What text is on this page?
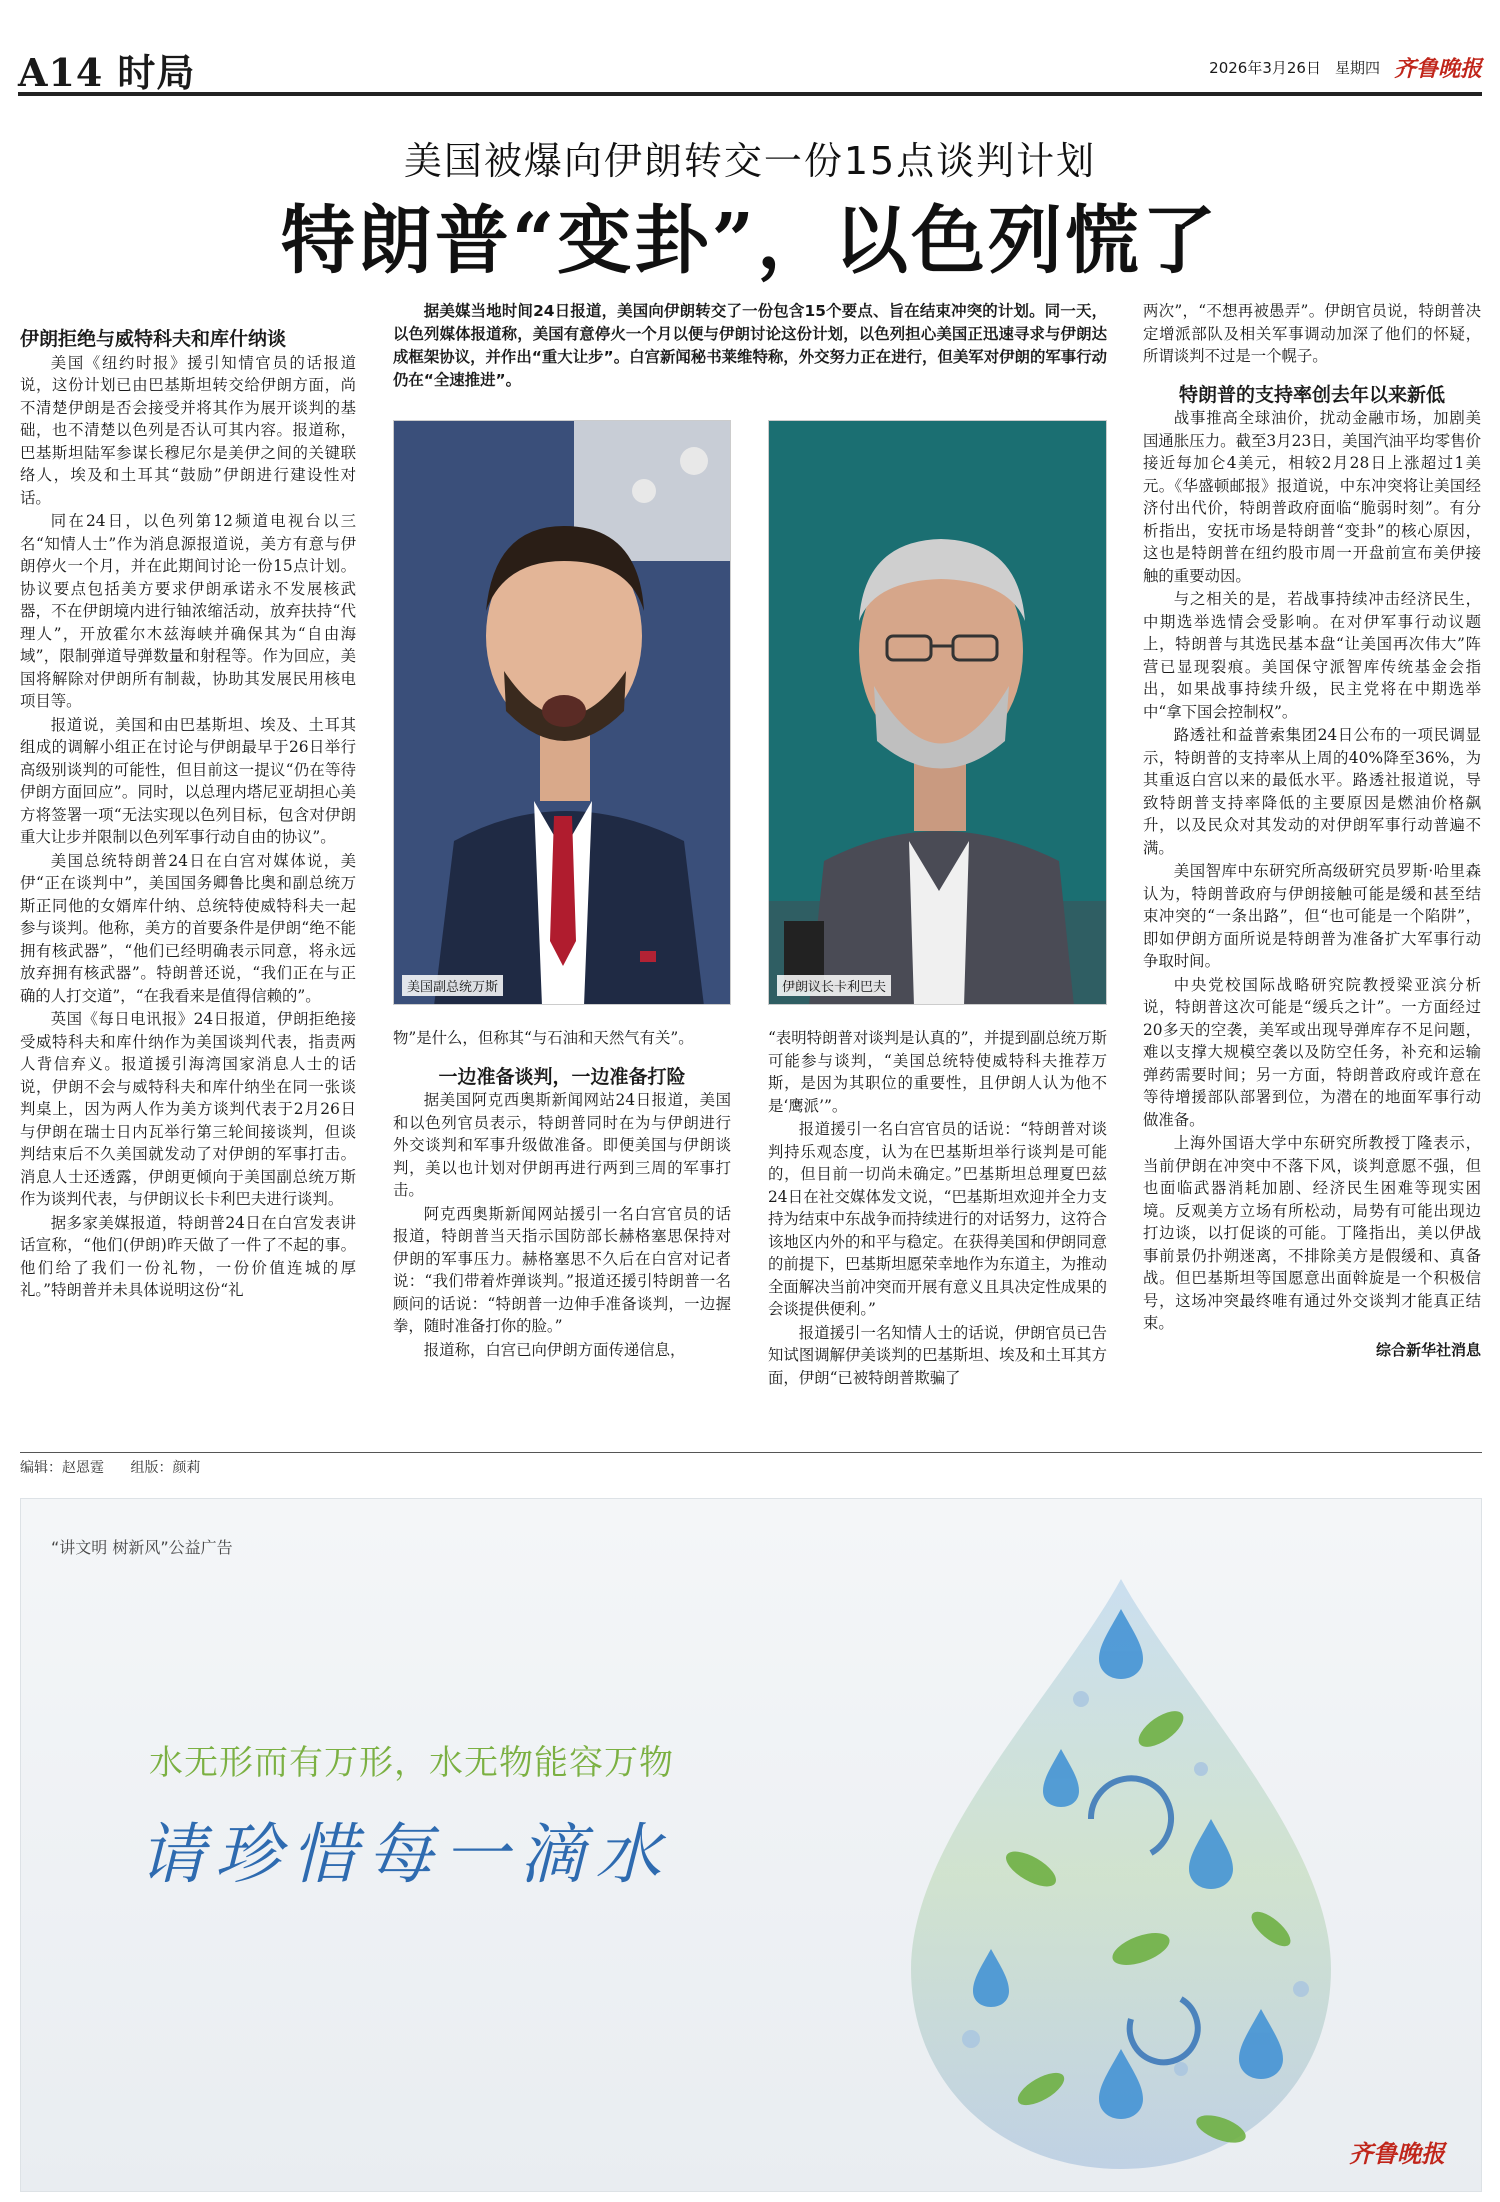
A14 时局	2026年3月26日 星期四 齐鲁晚报
美国被爆向伊朗转交一份15点谈判计划
特朗普“变卦”，以色列慌了

伊朗拒绝与威特科夫和库什纳谈

美国《纽约时报》援引知情官员的话报道说，这份计划已由巴基斯坦转交给伊朗方面，尚不清楚伊朗是否会接受并将其作为展开谈判的基础，也不清楚以色列是否认可其内容。报道称，巴基斯坦陆军参谋长穆尼尔是美伊之间的关键联络人，埃及和土耳其“鼓励”伊朗进行建设性对话。

同在24日，以色列第12频道电视台以三名“知情人士”作为消息源报道说，美方有意与伊朗停火一个月，并在此期间讨论一份15点计划。协议要点包括美方要求伊朗承诺永不发展核武器，不在伊朗境内进行铀浓缩活动，放弃扶持“代理人”，开放霍尔木兹海峡并确保其为“自由海域”，限制弹道导弹数量和射程等。作为回应，美国将解除对伊朗所有制裁，协助其发展民用核电项目等。

报道说，美国和由巴基斯坦、埃及、土耳其组成的调解小组正在讨论与伊朗最早于26日举行高级别谈判的可能性，但目前这一提议“仍在等待伊朗方面回应”。同时，以总理内塔尼亚胡担心美方将签署一项“无法实现以色列目标，包含对伊朗重大让步并限制以色列军事行动自由的协议”。

美国总统特朗普24日在白宫对媒体说，美伊“正在谈判中”，美国国务卿鲁比奥和副总统万斯正同他的女婿库什纳、总统特使威特科夫一起参与谈判。他称，美方的首要条件是伊朗“绝不能拥有核武器”，“他们已经明确表示同意，将永远放弃拥有核武器”。特朗普还说，“我们正在与正确的人打交道”，“在我看来是值得信赖的”。

英国《每日电讯报》24日报道，伊朗拒绝接受威特科夫和库什纳作为美国谈判代表，指责两人背信弃义。报道援引海湾国家消息人士的话说，伊朗不会与威特科夫和库什纳坐在同一张谈判桌上，因为两人作为美方谈判代表于2月26日与伊朗在瑞士日内瓦举行第三轮间接谈判，但谈判结束后不久美国就发动了对伊朗的军事打击。消息人士还透露，伊朗更倾向于美国副总统万斯作为谈判代表，与伊朗议长卡利巴夫进行谈判。

据多家美媒报道，特朗普24日在白宫发表讲话宣称，“他们(伊朗)昨天做了一件了不起的事。他们给了我们一份礼物，一份价值连城的厚礼。”特朗普并未具体说明这份“礼

据美媒当地时间24日报道，美国向伊朗转交了一份包含15个要点、旨在结束冲突的计划。同一天，以色列媒体报道称，美国有意停火一个月以便与伊朗讨论这份计划，以色列担心美国正迅速寻求与伊朗达成框架协议，并作出“重大让步”。白宫新闻秘书莱维特称，外交努力正在进行，但美军对伊朗的军事行动仍在“全速推进”。
美国副总统万斯	伊朗议长卡利巴夫

物”是什么，但称其“与石油和天然气有关”。

一边准备谈判，一边准备打险

据美国阿克西奥斯新闻网站24日报道，美国和以色列官员表示，特朗普同时在为与伊朗进行外交谈判和军事升级做准备。即便美国与伊朗谈判，美以也计划对伊朗再进行两到三周的军事打击。

阿克西奥斯新闻网站援引一名白宫官员的话报道，特朗普当天指示国防部长赫格塞思保持对伊朗的军事压力。赫格塞思不久后在白宫对记者说：“我们带着炸弹谈判。”报道还援引特朗普一名顾问的话说：“特朗普一边伸手准备谈判，一边握拳，随时准备打你的脸。”

报道称，白宫已向伊朗方面传递信息，

“表明特朗普对谈判是认真的”，并提到副总统万斯可能参与谈判，“美国总统特使威特科夫推荐万斯，是因为其职位的重要性，且伊朗人认为他不是‘鹰派’”。

报道援引一名白宫官员的话说：“特朗普对谈判持乐观态度，认为在巴基斯坦举行谈判是可能的，但目前一切尚未确定。”巴基斯坦总理夏巴兹24日在社交媒体发文说，“巴基斯坦欢迎并全力支持为结束中东战争而持续进行的对话努力，这符合该地区内外的和平与稳定。在获得美国和伊朗同意的前提下，巴基斯坦愿荣幸地作为东道主，为推动全面解决当前冲突而开展有意义且具决定性成果的会谈提供便利。”

报道援引一名知情人士的话说，伊朗官员已告知试图调解伊美谈判的巴基斯坦、埃及和土耳其方面，伊朗“已被特朗普欺骗了

两次”，“不想再被愚弄”。伊朗官员说，特朗普决定增派部队及相关军事调动加深了他们的怀疑，所谓谈判不过是一个幌子。

特朗普的支持率创去年以来新低

战事推高全球油价，扰动金融市场，加剧美国通胀压力。截至3月23日，美国汽油平均零售价接近每加仑4美元，相较2月28日上涨超过1美元。《华盛顿邮报》报道说，中东冲突将让美国经济付出代价，特朗普政府面临“脆弱时刻”。有分析指出，安抚市场是特朗普“变卦”的核心原因，这也是特朗普在纽约股市周一开盘前宣布美伊接触的重要动因。

与之相关的是，若战事持续冲击经济民生，中期选举选情会受影响。在对伊军事行动议题上，特朗普与其选民基本盘“让美国再次伟大”阵营已显现裂痕。美国保守派智库传统基金会指出，如果战事持续升级，民主党将在中期选举中“拿下国会控制权”。

路透社和益普索集团24日公布的一项民调显示，特朗普的支持率从上周的40%降至36%，为其重返白宫以来的最低水平。路透社报道说，导致特朗普支持率降低的主要原因是燃油价格飙升，以及民众对其发动的对伊朗军事行动普遍不满。

美国智库中东研究所高级研究员罗斯·哈里森认为，特朗普政府与伊朗接触可能是缓和甚至结束冲突的“一条出路”，但“也可能是一个陷阱”，即如伊朗方面所说是特朗普为准备扩大军事行动争取时间。

中央党校国际战略研究院教授梁亚滨分析说，特朗普这次可能是“缓兵之计”。一方面经过20多天的空袭，美军或出现导弹库存不足问题，难以支撑大规模空袭以及防空任务，补充和运输弹药需要时间；另一方面，特朗普政府或许意在等待增援部队部署到位，为潜在的地面军事行动做准备。

上海外国语大学中东研究所教授丁隆表示，当前伊朗在冲突中不落下风，谈判意愿不强，但也面临武器消耗加剧、经济民生困难等现实困境。反观美方立场有所松动，局势有可能出现边打边谈，以打促谈的可能。丁隆指出，美以伊战事前景仍扑朔迷离，不排除美方是假缓和、真备战。但巴基斯坦等国愿意出面斡旋是一个积极信号，这场冲突最终唯有通过外交谈判才能真正结束。

综合新华社消息

编辑：赵恩霆 组版：颜莉
“讲文明 树新风”公益广告
水无形而有万形，水无物能容万物
请珍惜每一滴水
齐鲁晚报
